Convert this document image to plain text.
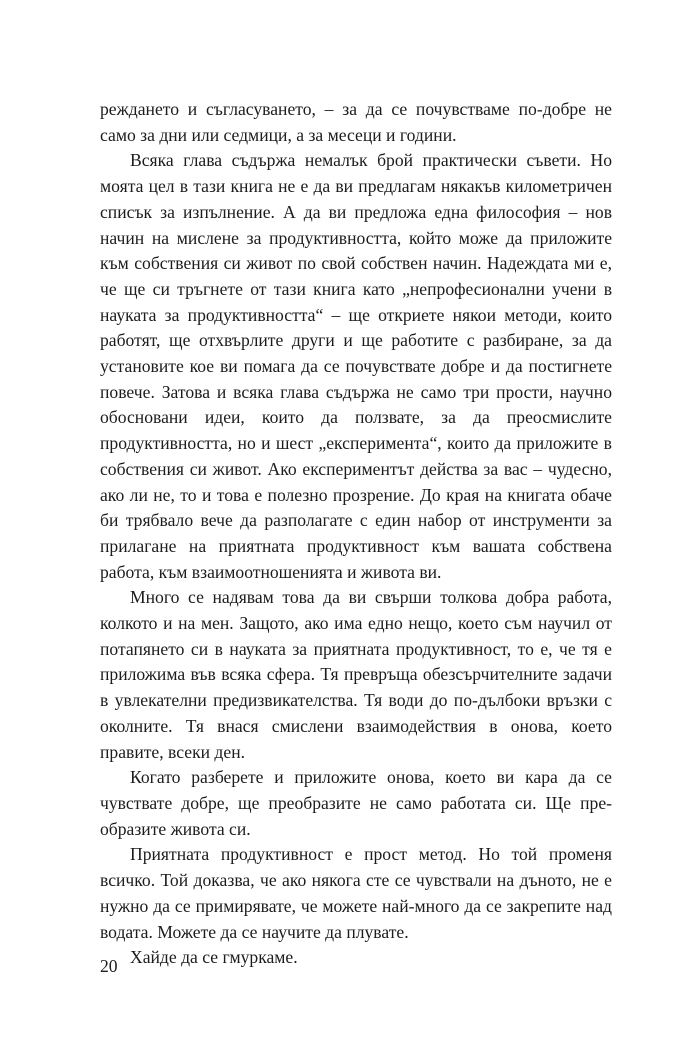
реждането и съгласуването, – за да се почувстваме по-добре не само за дни или седмици, а за месеци и години.

Всяка глава съдържа немалък брой практически съвети. Но моята цел в тази книга не е да ви предлагам някакъв километричен списък за изпълнение. А да ви предложа една философия – нов начин на мислене за продуктивността, който може да приложите към собствения си живот по свой собствен начин. Надеждата ми е, че ще си тръгнете от тази книга като „непрофесионални учени в науката за продуктивността“ – ще откриете някои методи, които работят, ще отхвърлите други и ще работите с разбиране, за да установите кое ви помага да се почувствате добре и да постигнете повече. Затова и всяка глава съдържа не само три прости, научно обосновани идеи, които да ползвате, за да преосмислите продуктивността, но и шест „експеримента“, които да приложите в собствения си живот. Ако експериментът действа за вас – чудесно, ако ли не, то и това е полезно прозрение. До края на книгата обаче би трябвало вече да разполагате с един набор от инструменти за прилагане на приятната продуктивност към вашата собствена работа, към взаимоотношенията и живота ви.

Много се надявам това да ви свърши толкова добра работа, колкото и на мен. Защото, ако има едно нещо, което съм научил от потапянето си в науката за приятната продуктивност, то е, че тя е приложима във всяка сфера. Тя превръща обезсърчителните задачи в увлекателни предизвикателства. Тя води до по-дълбоки връзки с околните. Тя внася смислени взаимодействия в онова, което правите, всеки ден.

Когато разберете и приложите онова, което ви кара да се чувствате добре, ще преобразите не само работата си. Ще преобразите живота си.

Приятната продуктивност е прост метод. Но той променя всичко. Той доказва, че ако някога сте се чувствали на дъното, не е нужно да се примирявате, че можете най-много да се закрепите над водата. Можете да се научите да плувате.

Хайде да се гмуркаме.

20
